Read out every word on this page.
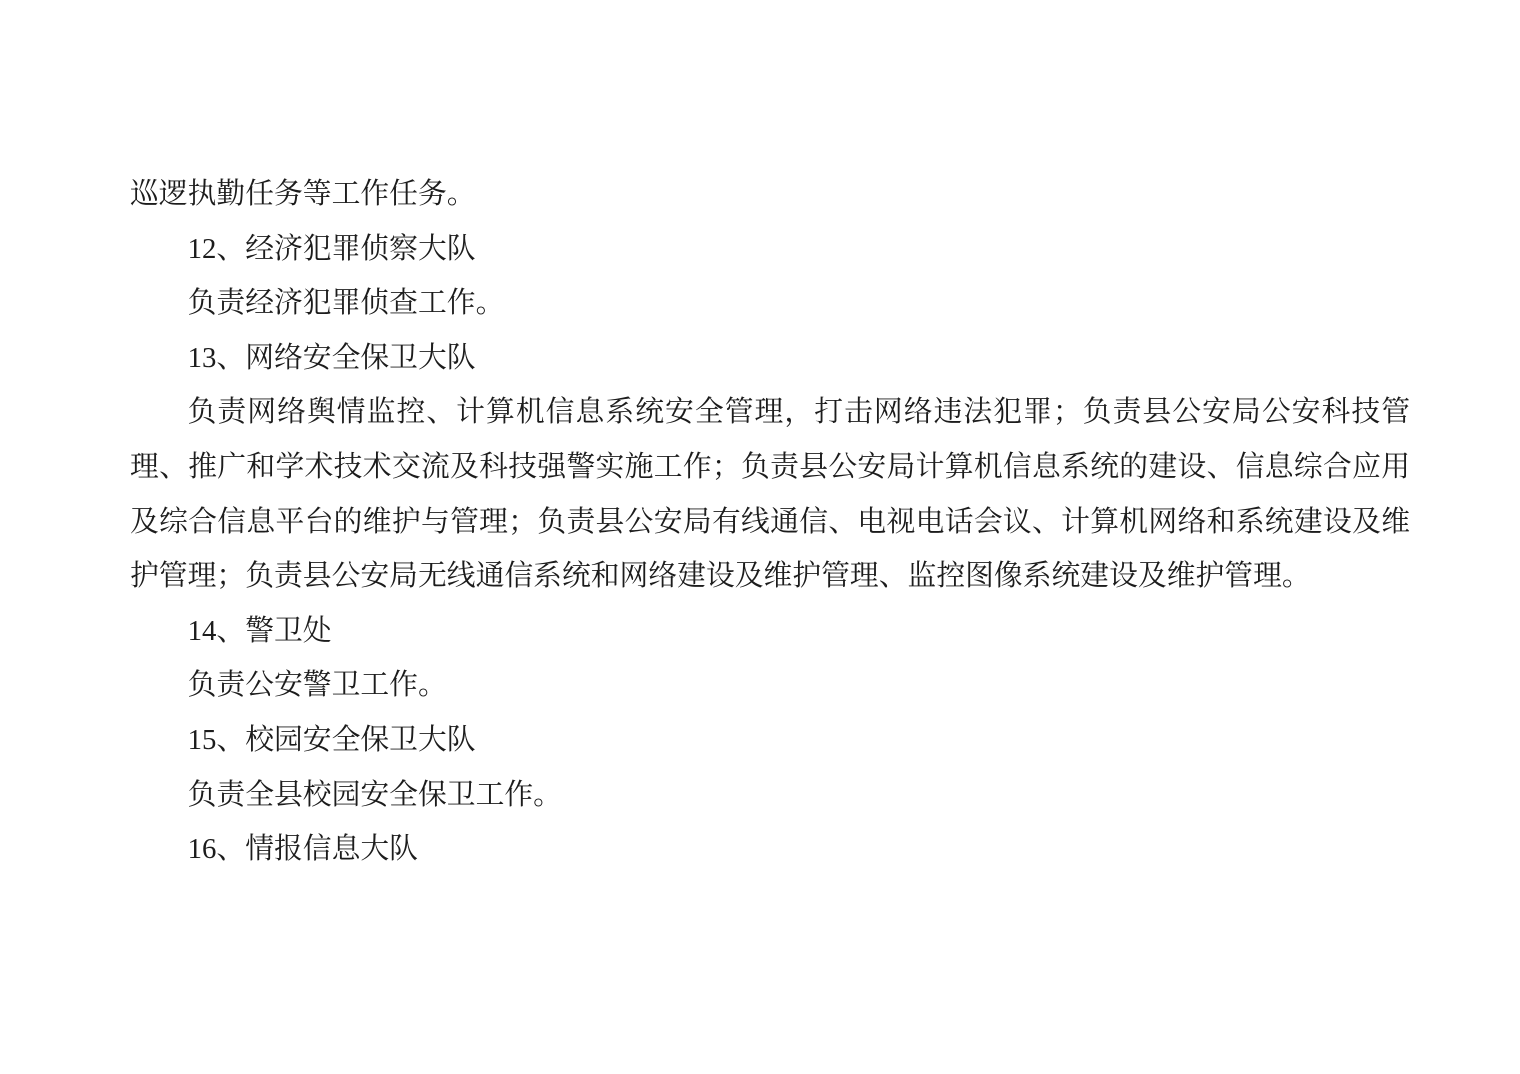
巡逻执勤任务等工作任务。

12、经济犯罪侦察大队

负责经济犯罪侦查工作。

13、网络安全保卫大队

负责网络舆情监控、计算机信息系统安全管理，打击网络违法犯罪；负责县公安局公安科技管理、推广和学术技术交流及科技强警实施工作；负责县公安局计算机信息系统的建设、信息综合应用及综合信息平台的维护与管理；负责县公安局有线通信、电视电话会议、计算机网络和系统建设及维护管理；负责县公安局无线通信系统和网络建设及维护管理、监控图像系统建设及维护管理。

14、警卫处

负责公安警卫工作。

15、校园安全保卫大队

负责全县校园安全保卫工作。

16、情报信息大队
